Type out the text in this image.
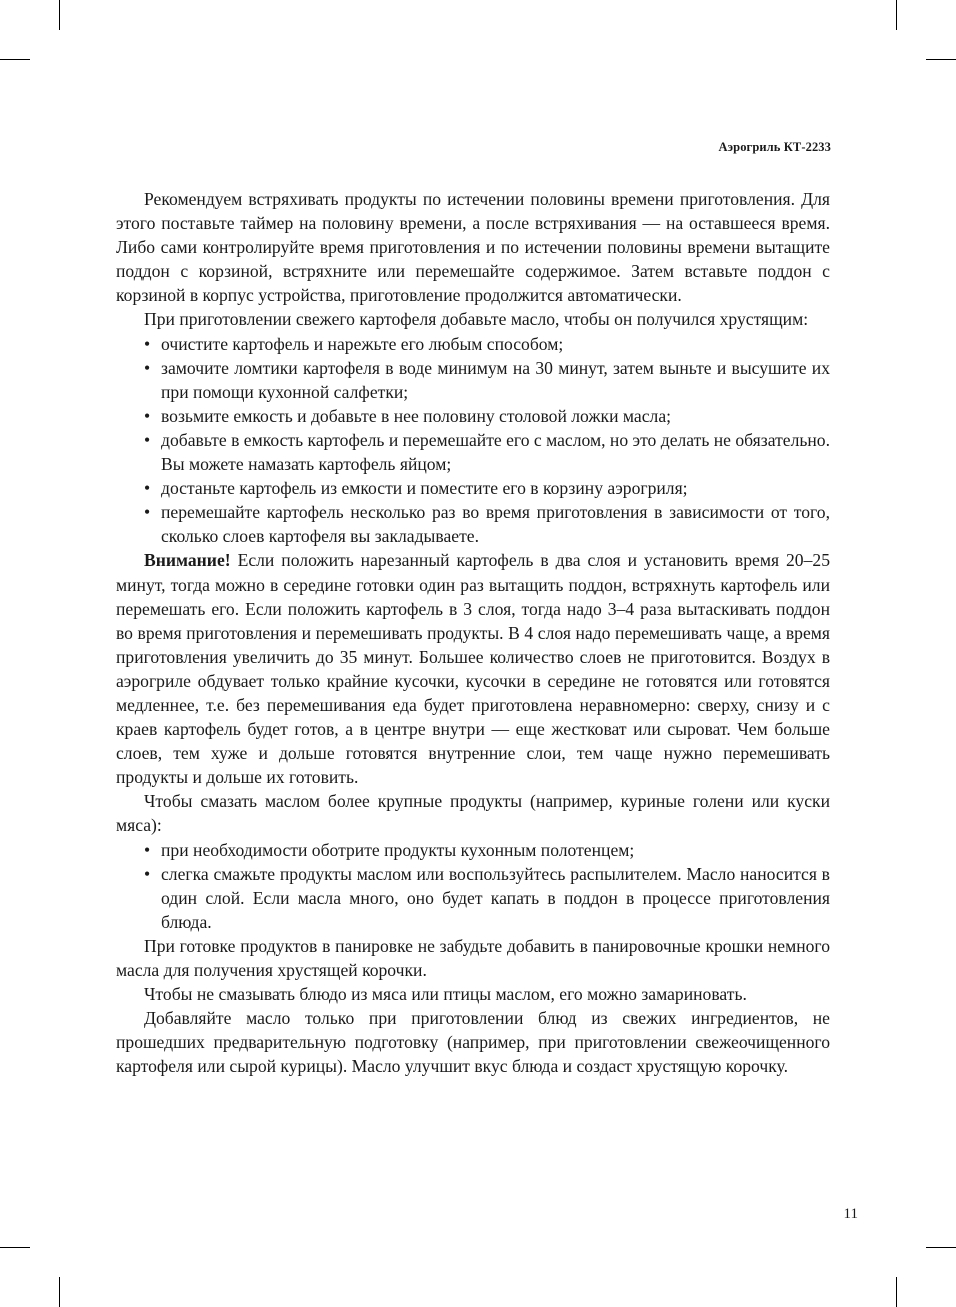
Аэрогриль КТ-2233

Рекомендуем встряхивать продукты по истечении половины времени приготовления. Для этого поставьте таймер на половину времени, а после встряхивания — на оставшееся время. Либо сами контролируйте время приготовления и по истечении половины времени вытащите поддон с корзиной, встряхните или перемешайте содержимое. Затем вставьте поддон с корзиной в корпус устройства, приготовление продолжится автоматически.

При приготовлении свежего картофеля добавьте масло, чтобы он получился хрустящим:

• очистите картофель и нарежьте его любым способом;
• замочите ломтики картофеля в воде минимум на 30 минут, затем выньте и высушите их при помощи кухонной салфетки;
• возьмите емкость и добавьте в нее половину столовой ложки масла;
• добавьте в емкость картофель и перемешайте его с маслом, но это делать не обязательно. Вы можете намазать картофель яйцом;
• достаньте картофель из емкости и поместите его в корзину аэрогриля;
• перемешайте картофель несколько раз во время приготовления в зависимости от того, сколько слоев картофеля вы закладываете.

Внимание! Если положить нарезанный картофель в два слоя и установить время 20–25 минут, тогда можно в середине готовки один раз вытащить поддон, встряхнуть картофель или перемешать его. Если положить картофель в 3 слоя, тогда надо 3–4 раза вытаскивать поддон во время приготовления и перемешивать продукты. В 4 слоя надо перемешивать чаще, а время приготовления увеличить до 35 минут. Большее количество слоев не приготовится. Воздух в аэрогриле обдувает только крайние кусочки, кусочки в середине не готовятся или готовятся медленнее, т.е. без перемешивания еда будет приготовлена неравномерно: сверху, снизу и с краев картофель будет готов, а в центре внутри — еще жестковат или сыроват. Чем больше слоев, тем хуже и дольше готовятся внутренние слои, тем чаще нужно перемешивать продукты и дольше их готовить.

Чтобы смазать маслом более крупные продукты (например, куриные голени или куски мяса):

• при необходимости оботрите продукты кухонным полотенцем;
• слегка смажьте продукты маслом или воспользуйтесь распылителем. Масло наносится в один слой. Если масла много, оно будет капать в поддон в процессе приготовления блюда.

При готовке продуктов в панировке не забудьте добавить в панировочные крошки немного масла для получения хрустящей корочки.

Чтобы не смазывать блюдо из мяса или птицы маслом, его можно замариновать.

Добавляйте масло только при приготовлении блюд из свежих ингредиентов, не прошедших предварительную подготовку (например, при приготовлении свежеочищенного картофеля или сырой курицы). Масло улучшит вкус блюда и создаст хрустящую корочку.

11
